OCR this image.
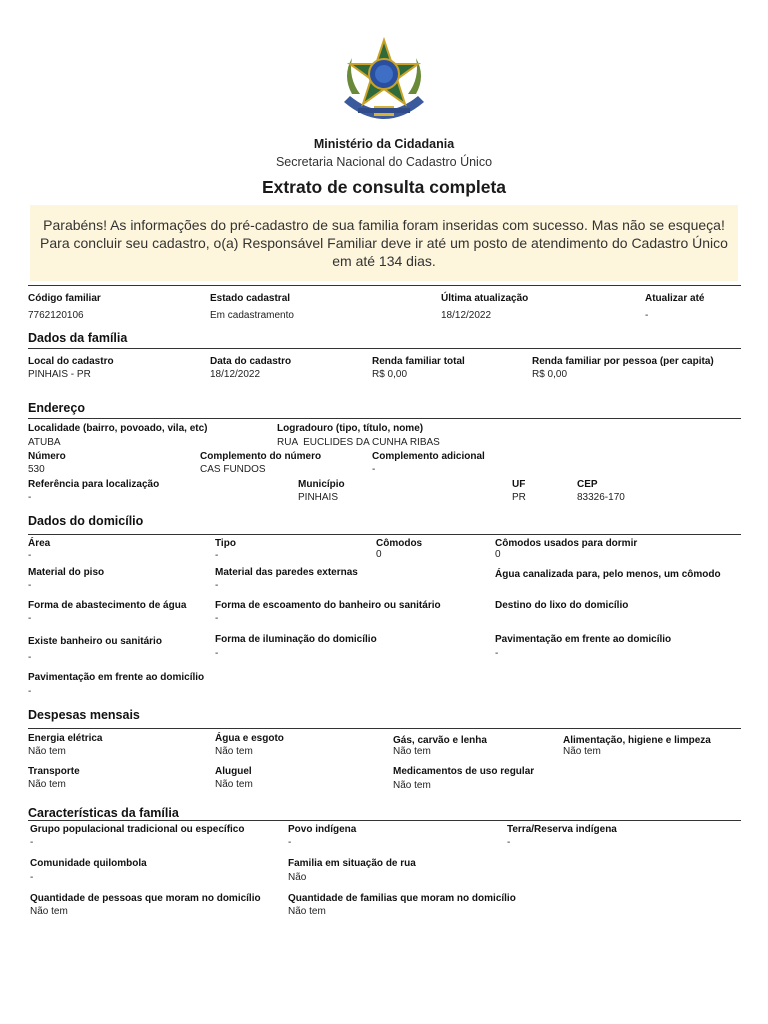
Ministério da Cidadania
Secretaria Nacional do Cadastro Único
Extrato de consulta completa
Parabéns! As informações do pré-cadastro de sua familia foram inseridas com sucesso. Mas não se esqueça! Para concluir seu cadastro, o(a) Responsável Familiar deve ir até um posto de atendimento do Cadastro Único em até 134 dias.
Código familiar
7762120106
Estado cadastral
Em cadastramento
Última atualização
18/12/2022
Atualizar até
-
Dados da família
Local do cadastro
PINHAIS - PR
Data do cadastro
18/12/2022
Renda familiar total
R$ 0,00
Renda familiar por pessoa (per capita)
R$ 0,00
Endereço
Localidade (bairro, povoado, vila, etc)
ATUBA
Logradouro (tipo, título, nome)
RUA  EUCLIDES DA CUNHA RIBAS
Número
530
Complemento do número
CAS FUNDOS
Complemento adicional
-
Referência para localização
-
Município
PINHAIS
UF
PR
CEP
83326-170
Dados do domicílio
Área
-
Tipo
-
Cômodos
0
Cômodos usados para dormir
0
Material do piso
-
Material das paredes externas
-
Água canalizada para, pelo menos, um cômodo
Forma de abastecimento de água
-
Forma de escoamento do banheiro ou sanitário
-
Destino do lixo do domicílio
Existe banheiro ou sanitário
-
Forma de iluminação do domicílio
-
Pavimentação em frente ao domicílio
-
Pavimentação em frente ao domicílio
-
Despesas mensais
Energia elétrica
Não tem
Água e esgoto
Não tem
Gás, carvão e lenha
Não tem
Alimentação, higiene e limpeza
Não tem
Transporte
Não tem
Aluguel
Não tem
Medicamentos de uso regular
Não tem
Características da família
Grupo populacional tradicional ou específico
-
Povo indígena
-
Terra/Reserva indígena
-
Comunidade quilombola
-
Familia em situação de rua
Não
Quantidade de pessoas que moram no domicílio
Não tem
Quantidade de familias que moram no domicílio
Não tem
